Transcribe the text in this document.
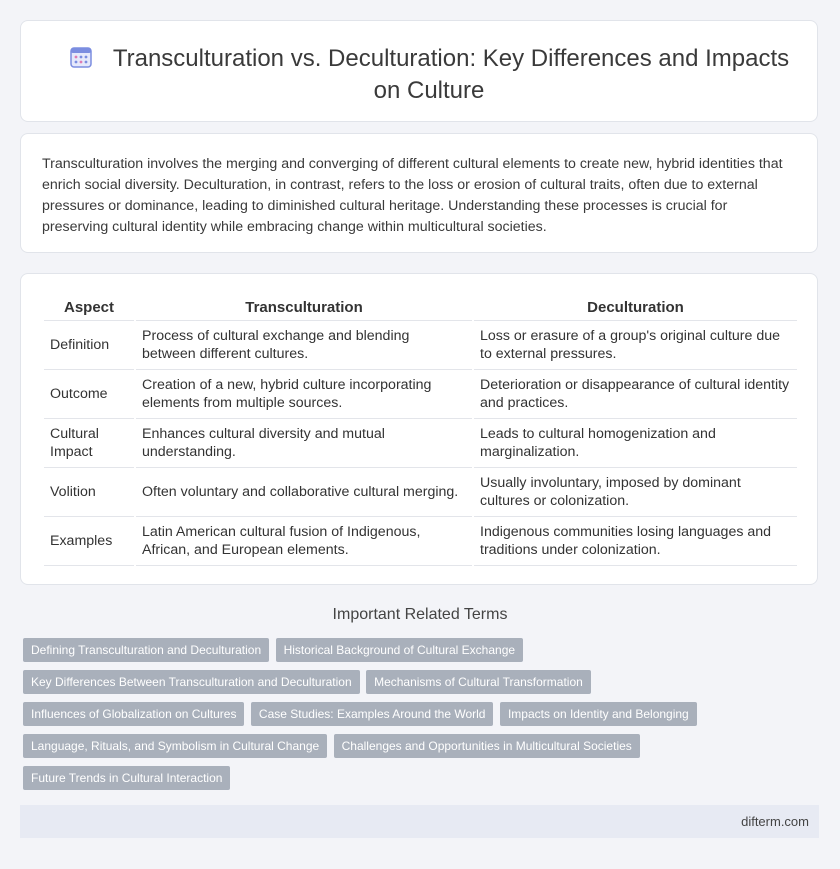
Transculturation vs. Deculturation: Key Differences and Impacts on Culture

Transculturation involves the merging and converging of different cultural elements to create new, hybrid identities that enrich social diversity. Deculturation, in contrast, refers to the loss or erosion of cultural traits, often due to external pressures or dominance, leading to diminished cultural heritage. Understanding these processes is crucial for preserving cultural identity while embracing change within multicultural societies.

Aspect	Transculturation	Deculturation
Definition	Process of cultural exchange and blending between different cultures.	Loss or erasure of a group's original culture due to external pressures.
Outcome	Creation of a new, hybrid culture incorporating elements from multiple sources.	Deterioration or disappearance of cultural identity and practices.
Cultural Impact	Enhances cultural diversity and mutual understanding.	Leads to cultural homogenization and marginalization.
Volition	Often voluntary and collaborative cultural merging.	Usually involuntary, imposed by dominant cultures or colonization.
Examples	Latin American cultural fusion of Indigenous, African, and European elements.	Indigenous communities losing languages and traditions under colonization.
Important Related Terms
Defining Transculturation and Deculturation Historical Background of Cultural Exchange
Key Differences Between Transculturation and Deculturation Mechanisms of Cultural Transformation
Influences of Globalization on Cultures Case Studies: Examples Around the World Impacts on Identity and Belonging
Language, Rituals, and Symbolism in Cultural Change Challenges and Opportunities in Multicultural Societies
Future Trends in Cultural Interaction
difterm.com
